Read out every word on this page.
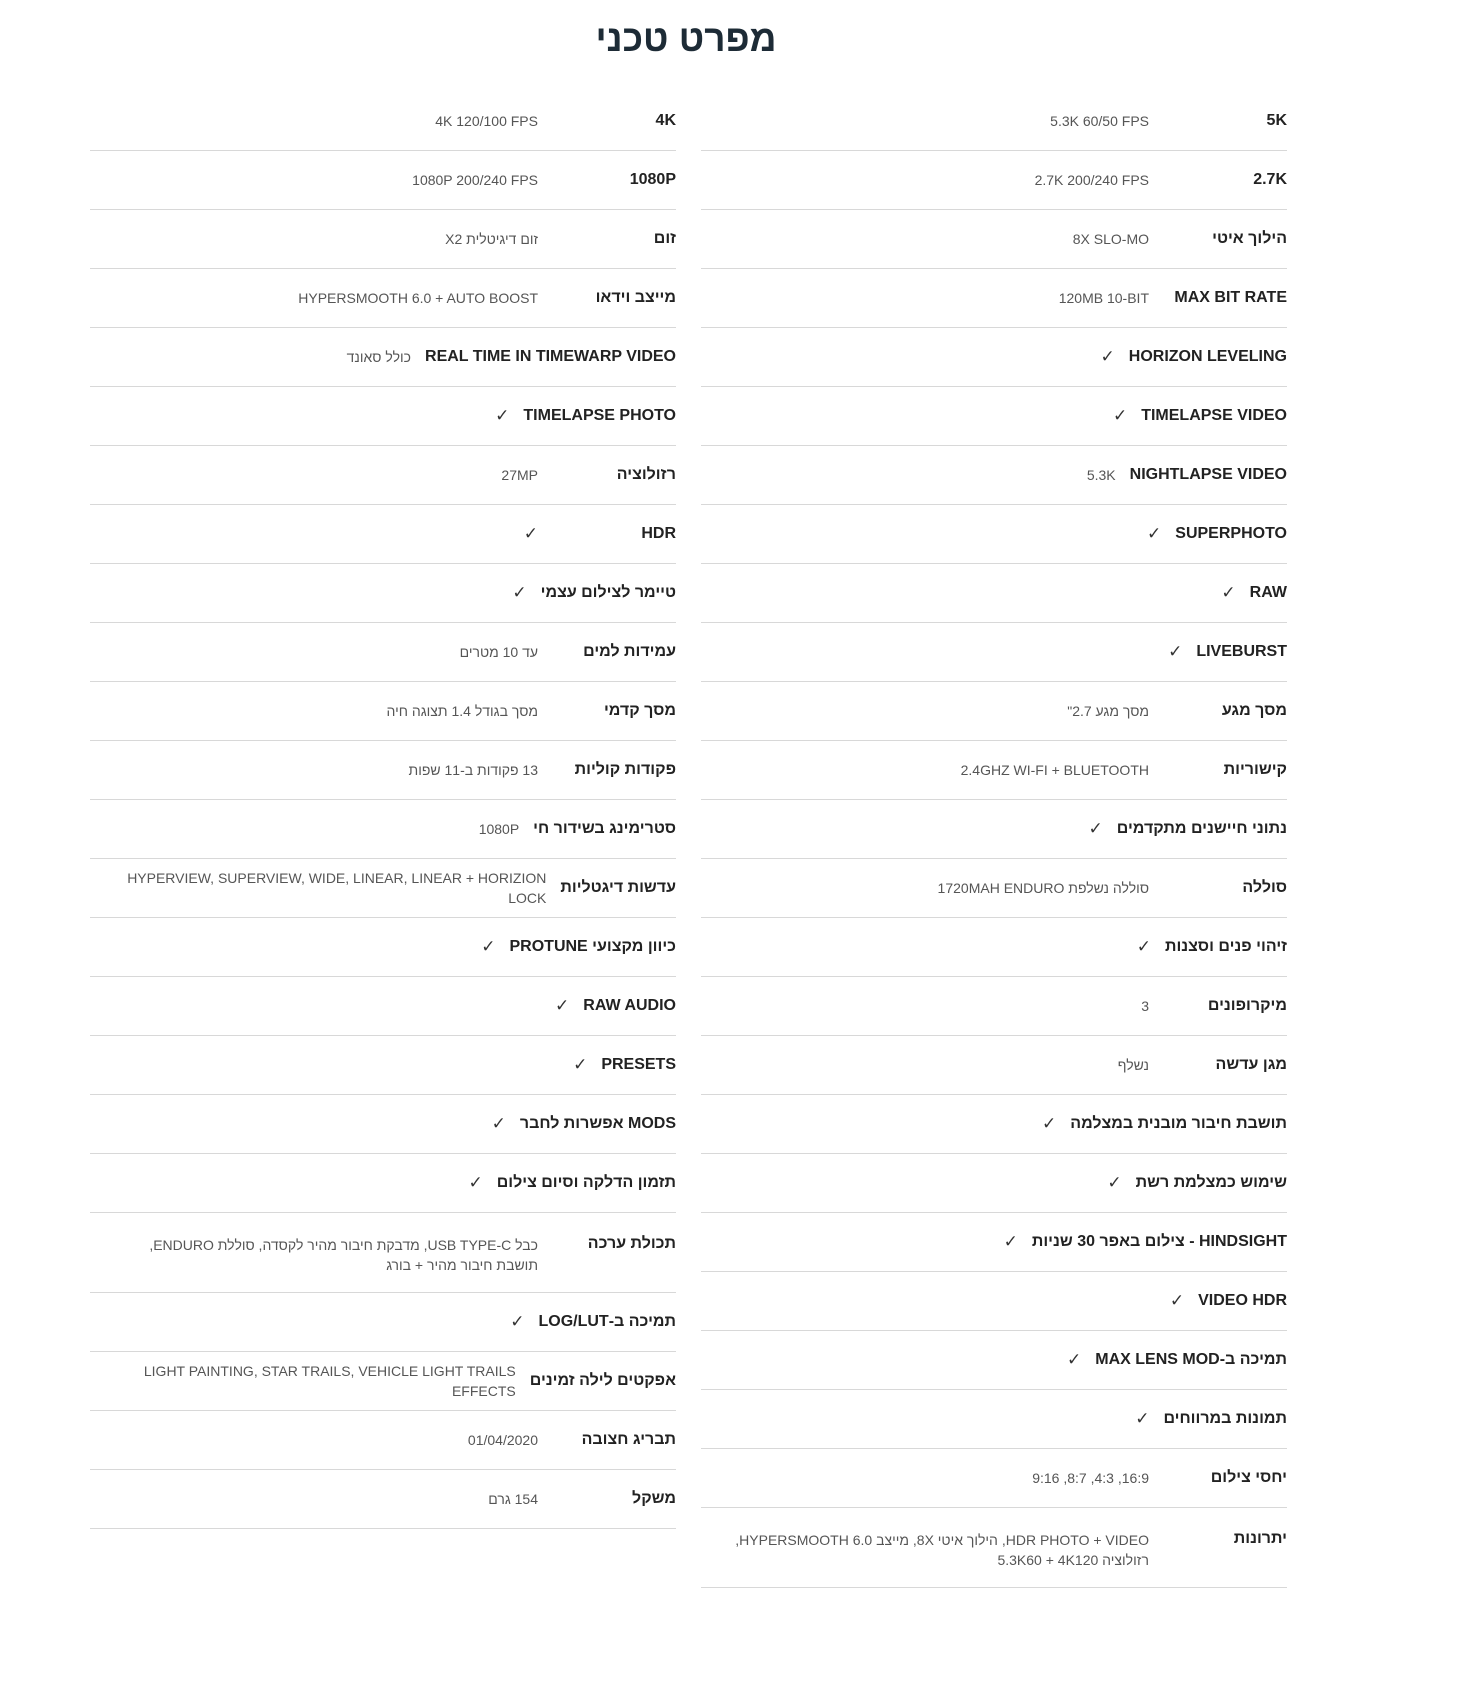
מפרט טכני
5K
5.3K 60/50 FPS
2.7K
2.7K 200/240 FPS
הילוך איטי
8X SLO-MO
MAX BIT RATE
120MB 10-BIT
HORIZON LEVELING
✓
TIMELAPSE VIDEO
✓
NIGHTLAPSE VIDEO
5.3K
SUPERPHOTO
✓
RAW
✓
LIVEBURST
✓
מסך מגע
מסך מגע 2.7"
קישוריות
2.4GHZ WI-FI + BLUETOOTH
נתוני חיישנים מתקדמים
✓
סוללה
סוללה נשלפת 1720MAH ENDURO
זיהוי פנים וסצנות
✓
מיקרופונים
3
מגן עדשה
נשלף
תושבת חיבור מובנית במצלמה
✓
שימוש כמצלמת רשת
✓
HINDSIGHT - צילום באפר 30 שניות
✓
VIDEO HDR
✓
תמיכה ב-MAX LENS MOD
✓
תמונות במרווחים
✓
יחסי צילום
16:9, 4:3, 8:7, 9:16
יתרונות
HDR PHOTO + VIDEO, הילוך איטי 8X, מייצב HYPERSMOOTH 6.0, רזולוציה 5.3K60 + 4K120
4K
4K 120/100 FPS
1080P
1080P 200/240 FPS
זום
זום דיגיטלית X2
מייצב וידאו
HYPERSMOOTH 6.0 + AUTO BOOST
REAL TIME IN TIMEWARP VIDEO
כולל סאונד
TIMELAPSE PHOTO
✓
רזולוציה
27MP
HDR
✓
טיימר לצילום עצמי
✓
עמידות למים
עד 10 מטרים
מסך קדמי
מסך בגודל 1.4 תצוגה חיה
פקודות קוליות
13 פקודות ב-11 שפות
סטרימינג בשידור חי
1080P
עדשות דיגטליות
HYPERVIEW, SUPERVIEW, WIDE, LINEAR, LINEAR + HORIZION LOCK
כיוון מקצועי PROTUNE
✓
RAW AUDIO
✓
PRESETS
✓
MODS אפשרות לחבר
✓
תזמון הדלקה וסיום צילום
✓
תכולת ערכה
כבל USB TYPE-C, מדבקת חיבור מהיר לקסדה, סוללת ENDURO, תושבת חיבור מהיר + בורג
תמיכה ב-LOG/LUT
✓
אפקטים לילה זמינים
LIGHT PAINTING, STAR TRAILS, VEHICLE LIGHT TRAILS EFFECTS
תבריג חצובה
01/04/2020
משקל
154 גרם
